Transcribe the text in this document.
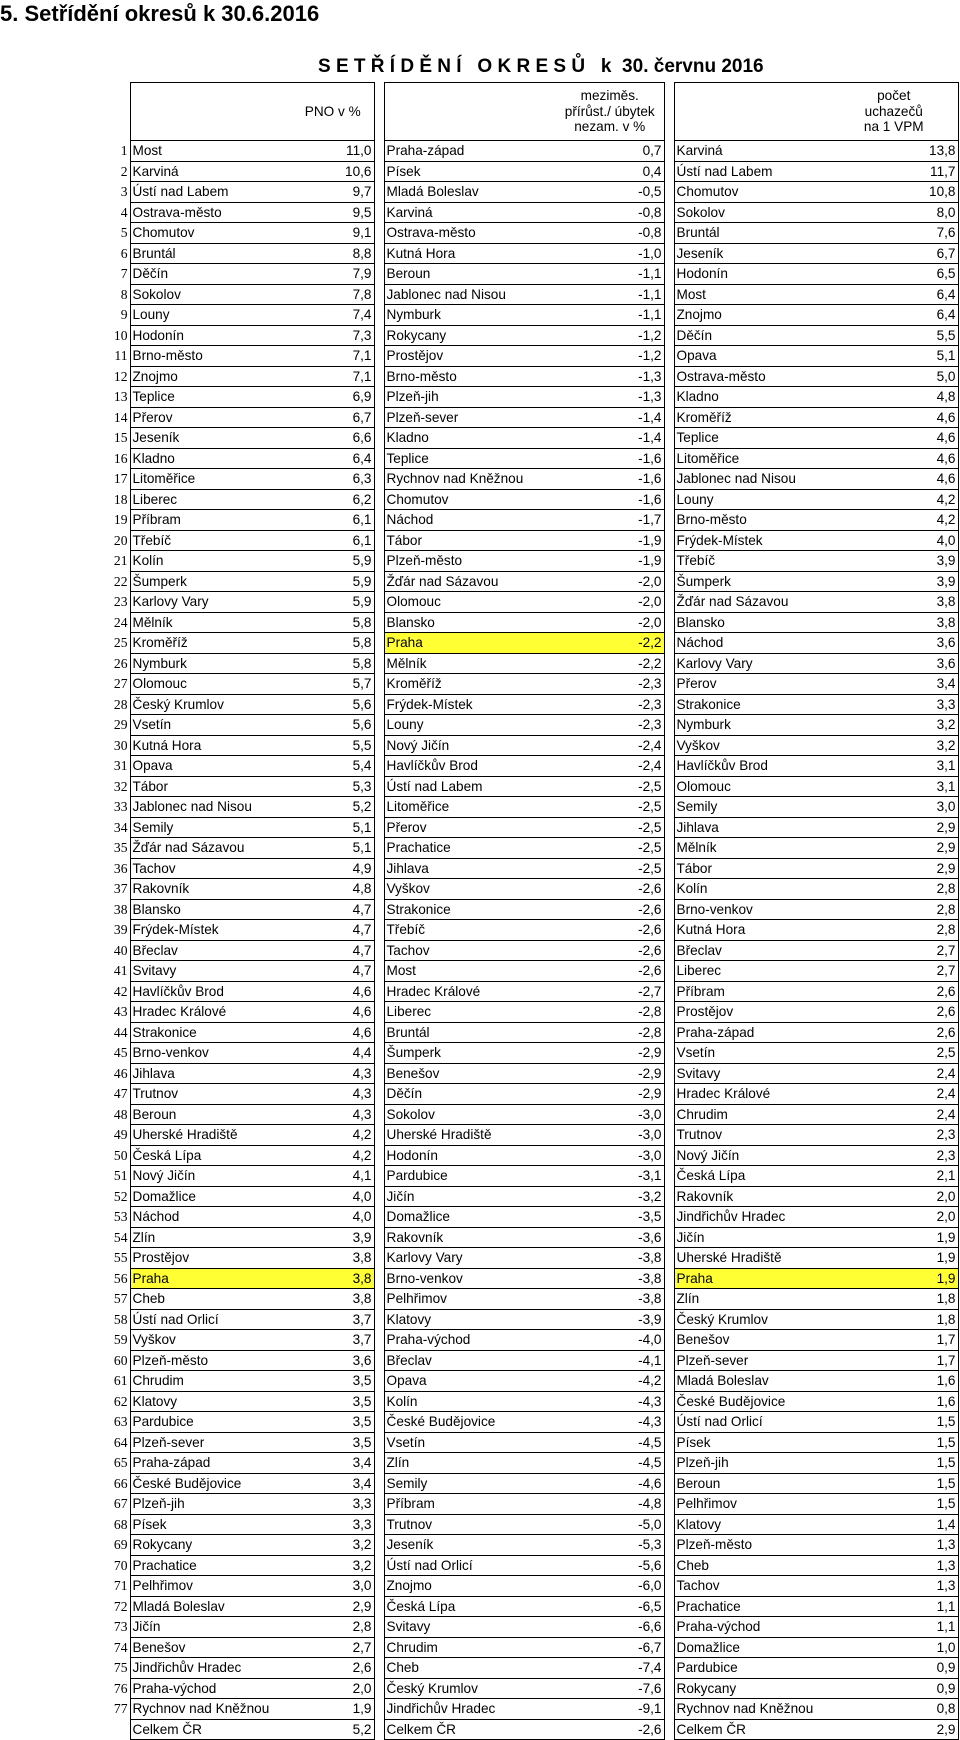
5. Setřídění okresů k 30.6.2016
S E T Ř Í D Ě N Í   O K R E S Ů   k  30. červnu 2016
		PNO v %			meziměs.
přírůst./ úbytek
nezam. v %			počet
uchazečů
na 1 VPM

1	Most	11,0		Praha-západ	0,7		Karviná	13,8
2	Karviná	10,6		Písek	0,4		Ústí nad Labem	11,7
3	Ústí nad Labem	9,7		Mladá Boleslav	-0,5		Chomutov	10,8
4	Ostrava-město	9,5		Karviná	-0,8		Sokolov	8,0
5	Chomutov	9,1		Ostrava-město	-0,8		Bruntál	7,6
6	Bruntál	8,8		Kutná Hora	-1,0		Jeseník	6,7
7	Děčín	7,9		Beroun	-1,1		Hodonín	6,5
8	Sokolov	7,8		Jablonec nad Nisou	-1,1		Most	6,4
9	Louny	7,4		Nymburk	-1,1		Znojmo	6,4
10	Hodonín	7,3		Rokycany	-1,2		Děčín	5,5
11	Brno-město	7,1		Prostějov	-1,2		Opava	5,1
12	Znojmo	7,1		Brno-město	-1,3		Ostrava-město	5,0
13	Teplice	6,9		Plzeň-jih	-1,3		Kladno	4,8
14	Přerov	6,7		Plzeň-sever	-1,4		Kroměříž	4,6
15	Jeseník	6,6		Kladno	-1,4		Teplice	4,6
16	Kladno	6,4		Teplice	-1,6		Litoměřice	4,6
17	Litoměřice	6,3		Rychnov nad Kněžnou	-1,6		Jablonec nad Nisou	4,6
18	Liberec	6,2		Chomutov	-1,6		Louny	4,2
19	Příbram	6,1		Náchod	-1,7		Brno-město	4,2
20	Třebíč	6,1		Tábor	-1,9		Frýdek-Místek	4,0
21	Kolín	5,9		Plzeň-město	-1,9		Třebíč	3,9
22	Šumperk	5,9		Žďár nad Sázavou	-2,0		Šumperk	3,9
23	Karlovy Vary	5,9		Olomouc	-2,0		Žďár nad Sázavou	3,8
24	Mělník	5,8		Blansko	-2,0		Blansko	3,8
25	Kroměříž	5,8		Praha	-2,2		Náchod	3,6
26	Nymburk	5,8		Mělník	-2,2		Karlovy Vary	3,6
27	Olomouc	5,7		Kroměříž	-2,3		Přerov	3,4
28	Český Krumlov	5,6		Frýdek-Místek	-2,3		Strakonice	3,3
29	Vsetín	5,6		Louny	-2,3		Nymburk	3,2
30	Kutná Hora	5,5		Nový Jičín	-2,4		Vyškov	3,2
31	Opava	5,4		Havlíčkův Brod	-2,4		Havlíčkův Brod	3,1
32	Tábor	5,3		Ústí nad Labem	-2,5		Olomouc	3,1
33	Jablonec nad Nisou	5,2		Litoměřice	-2,5		Semily	3,0
34	Semily	5,1		Přerov	-2,5		Jihlava	2,9
35	Žďár nad Sázavou	5,1		Prachatice	-2,5		Mělník	2,9
36	Tachov	4,9		Jihlava	-2,5		Tábor	2,9
37	Rakovník	4,8		Vyškov	-2,6		Kolín	2,8
38	Blansko	4,7		Strakonice	-2,6		Brno-venkov	2,8
39	Frýdek-Místek	4,7		Třebíč	-2,6		Kutná Hora	2,8
40	Břeclav	4,7		Tachov	-2,6		Břeclav	2,7
41	Svitavy	4,7		Most	-2,6		Liberec	2,7
42	Havlíčkův Brod	4,6		Hradec Králové	-2,7		Příbram	2,6
43	Hradec Králové	4,6		Liberec	-2,8		Prostějov	2,6
44	Strakonice	4,6		Bruntál	-2,8		Praha-západ	2,6
45	Brno-venkov	4,4		Šumperk	-2,9		Vsetín	2,5
46	Jihlava	4,3		Benešov	-2,9		Svitavy	2,4
47	Trutnov	4,3		Děčín	-2,9		Hradec Králové	2,4
48	Beroun	4,3		Sokolov	-3,0		Chrudim	2,4
49	Uherské Hradiště	4,2		Uherské Hradiště	-3,0		Trutnov	2,3
50	Česká Lípa	4,2		Hodonín	-3,0		Nový Jičín	2,3
51	Nový Jičín	4,1		Pardubice	-3,1		Česká Lípa	2,1
52	Domažlice	4,0		Jičín	-3,2		Rakovník	2,0
53	Náchod	4,0		Domažlice	-3,5		Jindřichův Hradec	2,0
54	Zlín	3,9		Rakovník	-3,6		Jičín	1,9
55	Prostějov	3,8		Karlovy Vary	-3,8		Uherské Hradiště	1,9
56	Praha	3,8		Brno-venkov	-3,8		Praha	1,9
57	Cheb	3,8		Pelhřimov	-3,8		Zlín	1,8
58	Ústí nad Orlicí	3,7		Klatovy	-3,9		Český Krumlov	1,8
59	Vyškov	3,7		Praha-východ	-4,0		Benešov	1,7
60	Plzeň-město	3,6		Břeclav	-4,1		Plzeň-sever	1,7
61	Chrudim	3,5		Opava	-4,2		Mladá Boleslav	1,6
62	Klatovy	3,5		Kolín	-4,3		České Budějovice	1,6
63	Pardubice	3,5		České Budějovice	-4,3		Ústí nad Orlicí	1,5
64	Plzeň-sever	3,5		Vsetín	-4,5		Písek	1,5
65	Praha-západ	3,4		Zlín	-4,5		Plzeň-jih	1,5
66	České Budějovice	3,4		Semily	-4,6		Beroun	1,5
67	Plzeň-jih	3,3		Příbram	-4,8		Pelhřimov	1,5
68	Písek	3,3		Trutnov	-5,0		Klatovy	1,4
69	Rokycany	3,2		Jeseník	-5,3		Plzeň-město	1,3
70	Prachatice	3,2		Ústí nad Orlicí	-5,6		Cheb	1,3
71	Pelhřimov	3,0		Znojmo	-6,0		Tachov	1,3
72	Mladá Boleslav	2,9		Česká Lípa	-6,5		Prachatice	1,1
73	Jičín	2,8		Svitavy	-6,6		Praha-východ	1,1
74	Benešov	2,7		Chrudim	-6,7		Domažlice	1,0
75	Jindřichův Hradec	2,6		Cheb	-7,4		Pardubice	0,9
76	Praha-východ	2,0		Český Krumlov	-7,6		Rokycany	0,9
77	Rychnov nad Kněžnou	1,9		Jindřichův Hradec	-9,1		Rychnov nad Kněžnou	0,8
	Celkem ČR	5,2		Celkem ČR	-2,6		Celkem ČR	2,9
